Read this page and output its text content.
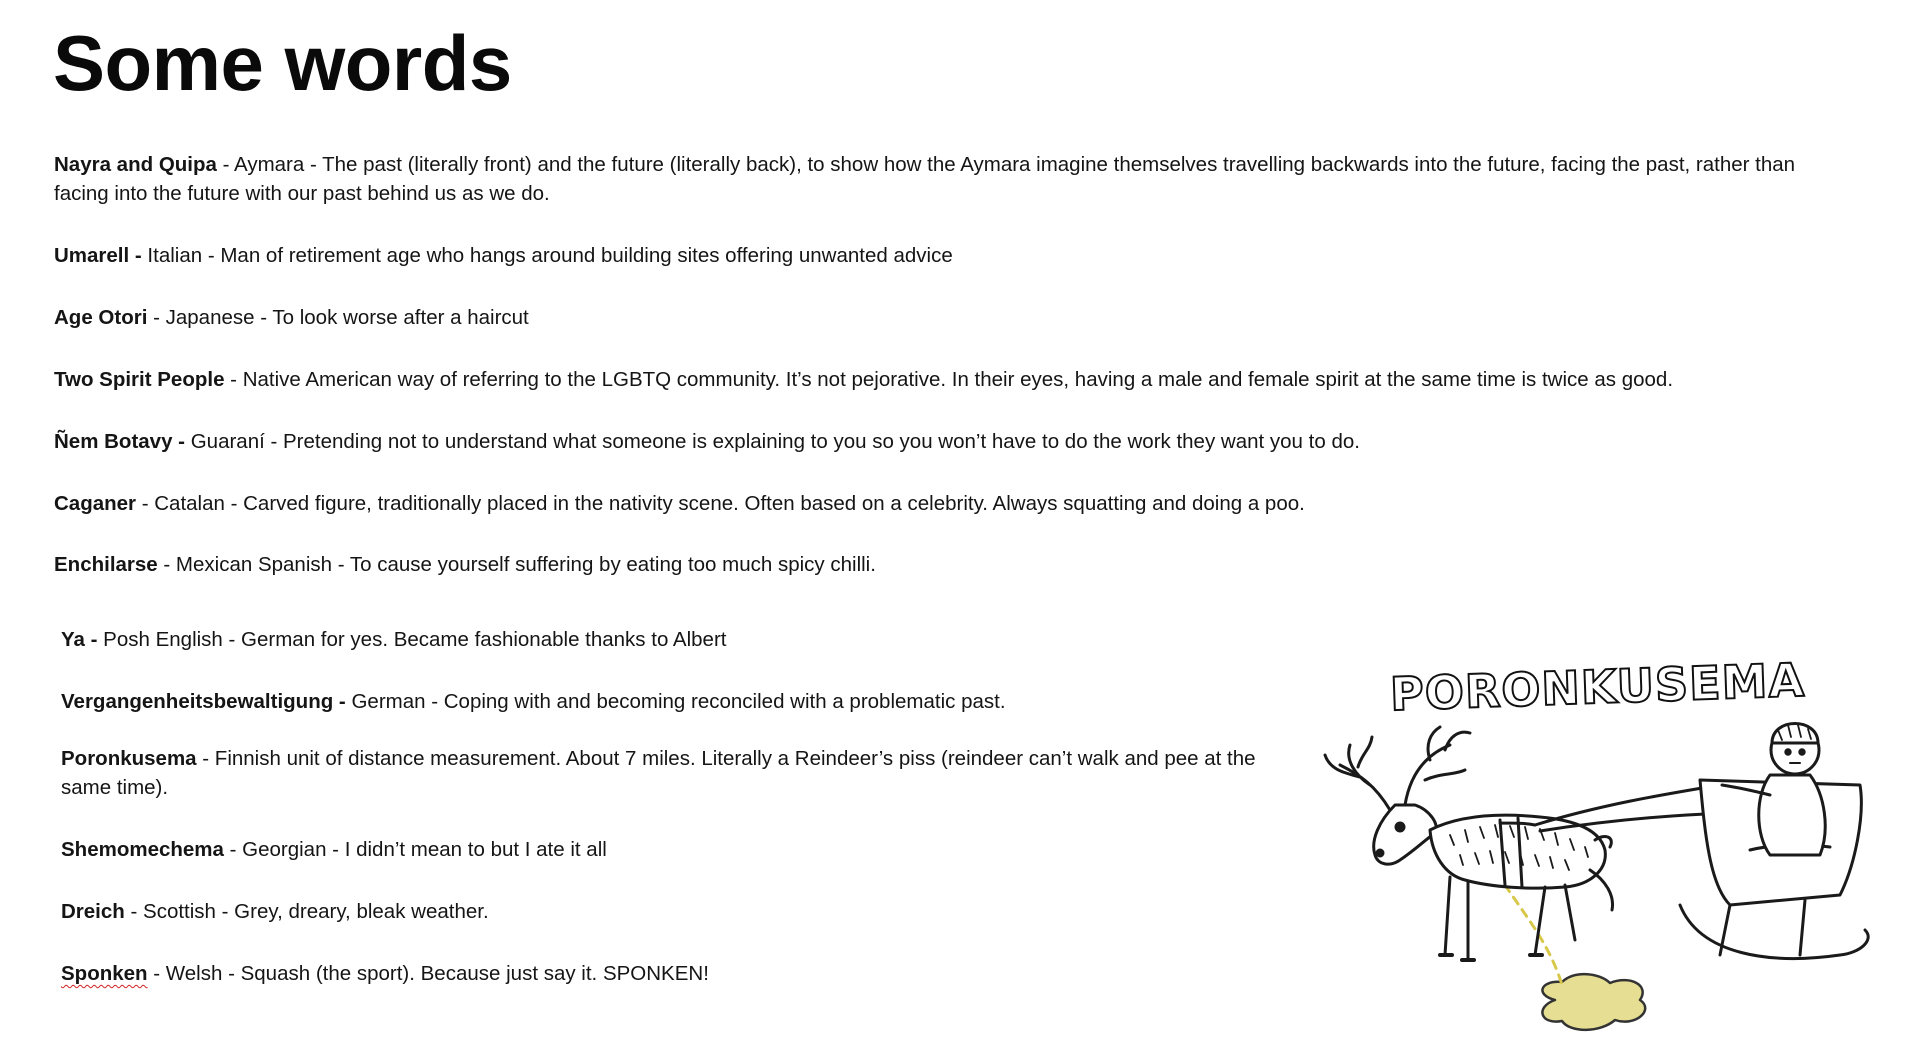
Some words

Nayra and Quipa - Aymara - The past (literally front) and the future (literally back), to show how the Aymara imagine themselves travelling backwards into the future, facing the past, rather than facing into the future with our past behind us as we do.

Umarell - Italian - Man of retirement age who hangs around building sites offering unwanted advice

Age Otori - Japanese - To look worse after a haircut

Two Spirit People - Native American way of referring to the LGBTQ community. It’s not pejorative. In their eyes, having a male and female spirit at the same time is twice as good.

Ñem Botavy - Guaraní - Pretending not to understand what someone is explaining to you so you won’t have to do the work they want you to do.

Caganer - Catalan - Carved figure, traditionally placed in the nativity scene. Often based on a celebrity. Always squatting and doing a poo.

Enchilarse - Mexican Spanish - To cause yourself suffering by eating too much spicy chilli.

Ya - Posh English - German for yes. Became fashionable thanks to Albert

Vergangenheitsbewaltigung - German - Coping with and becoming reconciled with a problematic past.

Poronkusema - Finnish unit of distance measurement. About 7 miles. Literally a Reindeer’s piss (reindeer can’t walk and pee at the same time).

Shemomechema - Georgian - I didn’t mean to but I ate it all

Dreich - Scottish - Grey, dreary, bleak weather.

Sponken - Welsh - Squash (the sport). Because just say it. SPONKEN!

PORONKUSEMA
